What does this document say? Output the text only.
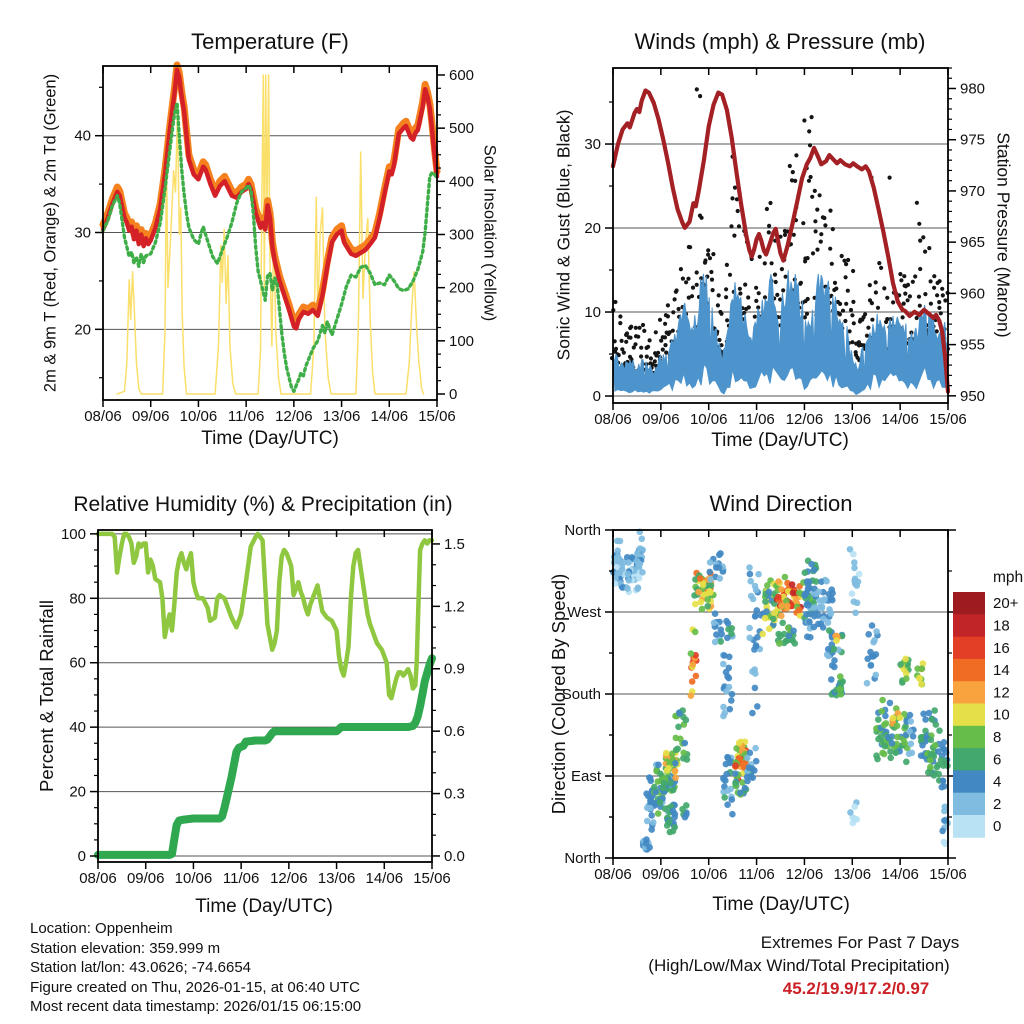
08/06 09/06 10/06 11/06 12/06 13/06 14/06 15/06
20
30
40
0
100
200
300
400
500
600
08/06 09/06 10/06 11/06 12/06 13/06 14/06 15/06
0
10
20
30
950
955
960
965
970
975
980
08/06 09/06 10/06 11/06 12/06 13/06 14/06 15/06
0
20
40
60
80
100
0.0
0.3
0.6
0.9
1.2
1.5
08/06 09/06 10/06 11/06 12/06 13/06 14/06 15/06
North
West
South
East
North
20+
18
16
14
12
10
8
6
4
2
0
Temperature (F)	Winds (mph) & Pressure (mb)
Relative Humidity (%) & Precipitation (in)	Wind Direction
Time (Day/UTC)	Time (Day/UTC)
Time (Day/UTC)	Time (Day/UTC)
2m & 9m T (Red, Orange) & 2m Td (Green)	Solar Insolation (Yellow)	Sonic Wind & Gust (Blue, Black)	Station Pressure (Maroon)
Percent & Total Rainfall	Direction (Colored By Speed)	mph
Location: Oppenheim
Station elevation: 359.999 m
Station lat/lon: 43.0626; -74.6654
Figure created on Thu, 2026-01-15, at 06:40 UTC
Most recent data timestamp: 2026/01/15 06:15:00
Extremes For Past 7 Days
(High/Low/Max Wind/Total Precipitation)
45.2/19.9/17.2/0.97
